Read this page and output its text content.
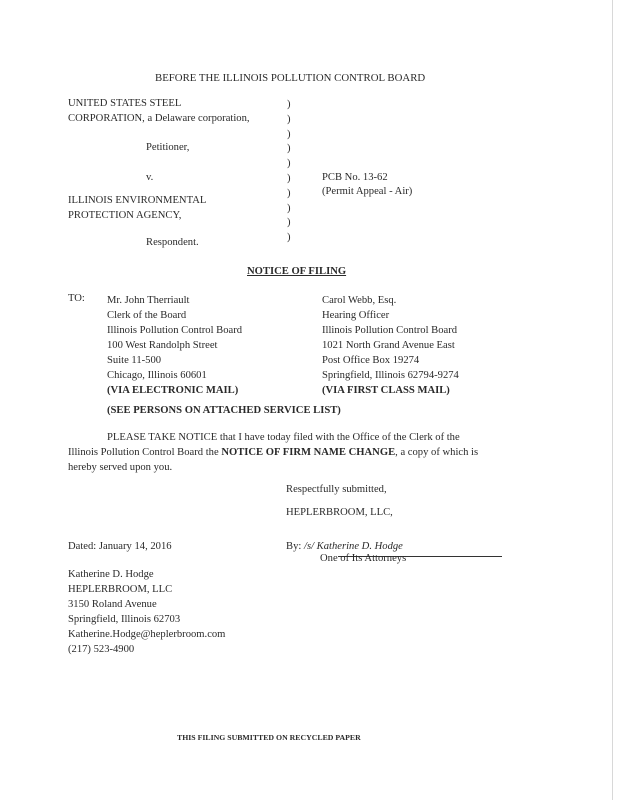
BEFORE THE ILLINOIS POLLUTION CONTROL BOARD
UNITED STATES STEEL
CORPORATION, a Delaware corporation,
Petitioner,
v.
ILLINOIS ENVIRONMENTAL
PROTECTION AGENCY,
Respondent.
)
)
)
)
)
)
)
)
)
)
PCB No. 13-62
(Permit Appeal - Air)
NOTICE OF FILING
TO: Mr. John Therriault
Clerk of the Board
Illinois Pollution Control Board
100 West Randolph Street
Suite 11-500
Chicago, Illinois 60601
(VIA ELECTRONIC MAIL)
Carol Webb, Esq.
Hearing Officer
Illinois Pollution Control Board
1021 North Grand Avenue East
Post Office Box 19274
Springfield, Illinois 62794-9274
(VIA FIRST CLASS MAIL)
(SEE PERSONS ON ATTACHED SERVICE LIST)
PLEASE TAKE NOTICE that I have today filed with the Office of the Clerk of the
Illinois Pollution Control Board the NOTICE OF FIRM NAME CHANGE, a copy of which is
hereby served upon you.
Respectfully submitted,
HEPLERBROOM, LLC,
Dated: January 14, 2016	By: /s/ Katherine D. Hodge
One of Its Attorneys
Katherine D. Hodge
HEPLERBROOM, LLC
3150 Roland Avenue
Springfield, Illinois 62703
Katherine.Hodge@heplerbroom.com
(217) 523-4900
THIS FILING SUBMITTED ON RECYCLED PAPER
